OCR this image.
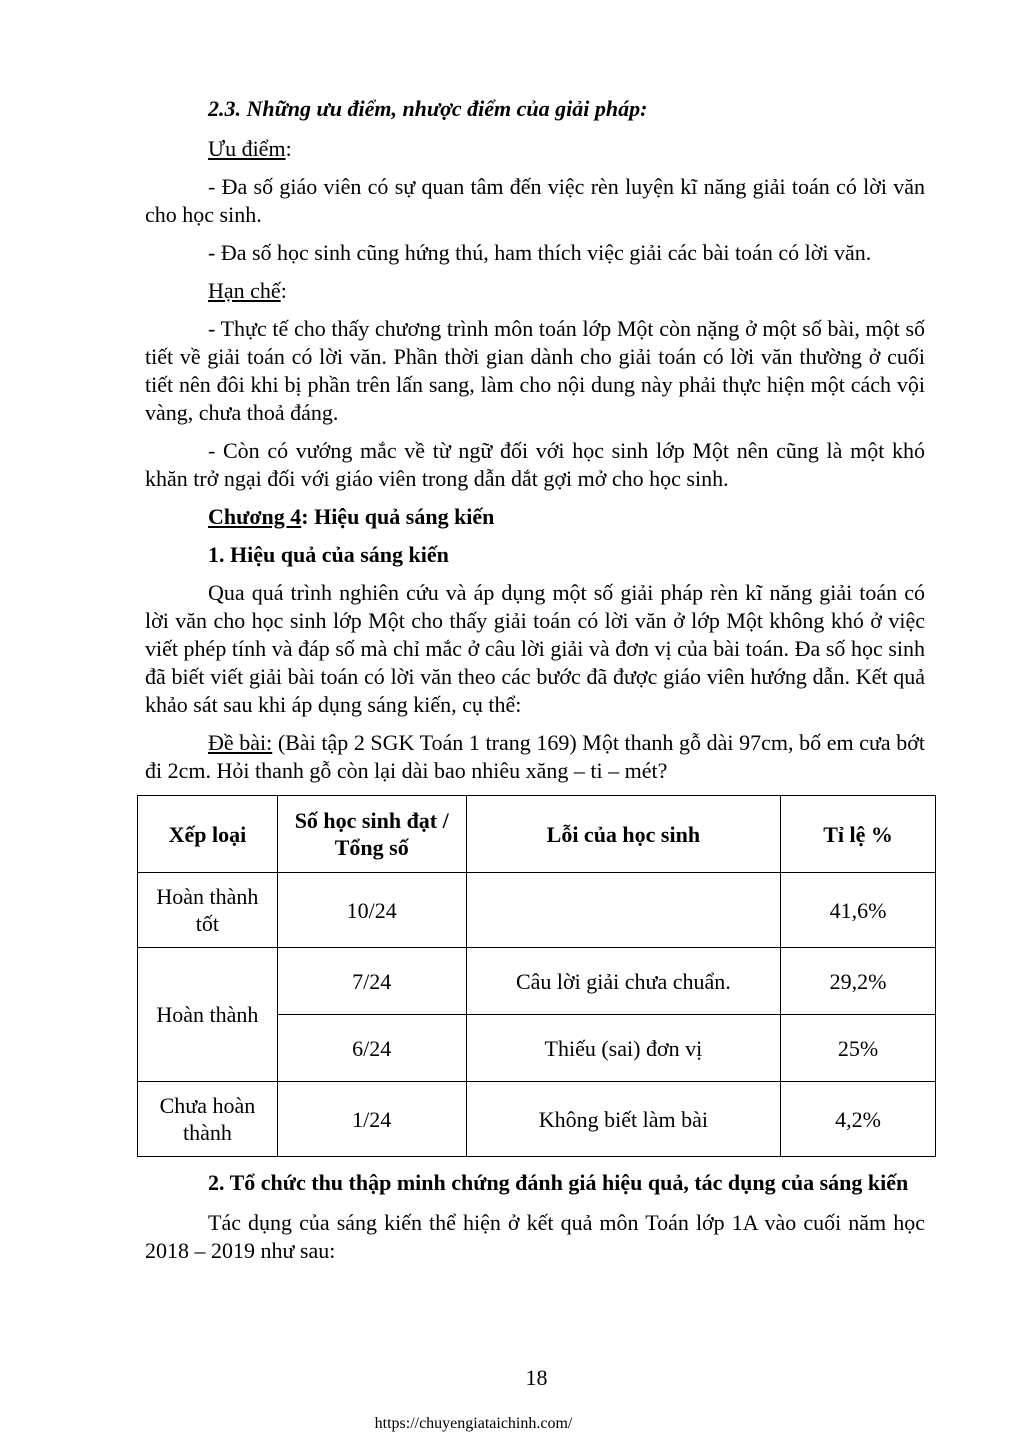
2.3. Những ưu điểm, nhược điểm của giải pháp:

Ưu điểm:

- Đa số giáo viên có sự quan tâm đến việc rèn luyện kĩ năng giải toán có lời văn cho học sinh.

- Đa số học sinh cũng hứng thú, ham thích việc giải các bài toán có lời văn.

Hạn chế:

- Thực tế cho thấy chương trình môn toán lớp Một còn nặng ở một số bài, một số tiết về giải toán có lời văn. Phần thời gian dành cho giải toán có lời văn thường ở cuối tiết nên đôi khi bị phần trên lấn sang, làm cho nội dung này phải thực hiện một cách vội vàng, chưa thoả đáng.

- Còn có vướng mắc về từ ngữ đối với học sinh lớp Một nên cũng là một khó khăn trở ngại đối với giáo viên trong dẫn dắt gợi mở cho học sinh.

Chương 4: Hiệu quả sáng kiến

1. Hiệu quả của sáng kiến

Qua quá trình nghiên cứu và áp dụng một số giải pháp rèn kĩ năng giải toán có lời văn cho học sinh lớp Một cho thấy giải toán có lời văn ở lớp Một không khó ở việc viết phép tính và đáp số mà chỉ mắc ở câu lời giải và đơn vị của bài toán. Đa số học sinh đã biết viết giải bài toán có lời văn theo các bước đã được giáo viên hướng dẫn. Kết quả khảo sát sau khi áp dụng sáng kiến, cụ thể:

Đề bài: (Bài tập 2 SGK Toán 1 trang 169) Một thanh gỗ dài 97cm, bố em cưa bớt đi 2cm. Hỏi thanh gỗ còn lại dài bao nhiêu xăng – ti – mét?

Xếp loại	Số học sinh đạt / Tổng số	Lỗi của học sinh	Tỉ lệ %
Hoàn thành tốt	10/24		41,6%
Hoàn thành	7/24	Câu lời giải chưa chuẩn.	29,2%
	6/24	Thiếu (sai) đơn vị	25%
Chưa hoàn thành	1/24	Không biết làm bài	4,2%

2. Tổ chức thu thập minh chứng đánh giá hiệu quả, tác dụng của sáng kiến

Tác dụng của sáng kiến thể hiện ở kết quả môn Toán lớp 1A vào cuối năm học 2018 – 2019 như sau:

18
https://chuyengiataichinh.com/
